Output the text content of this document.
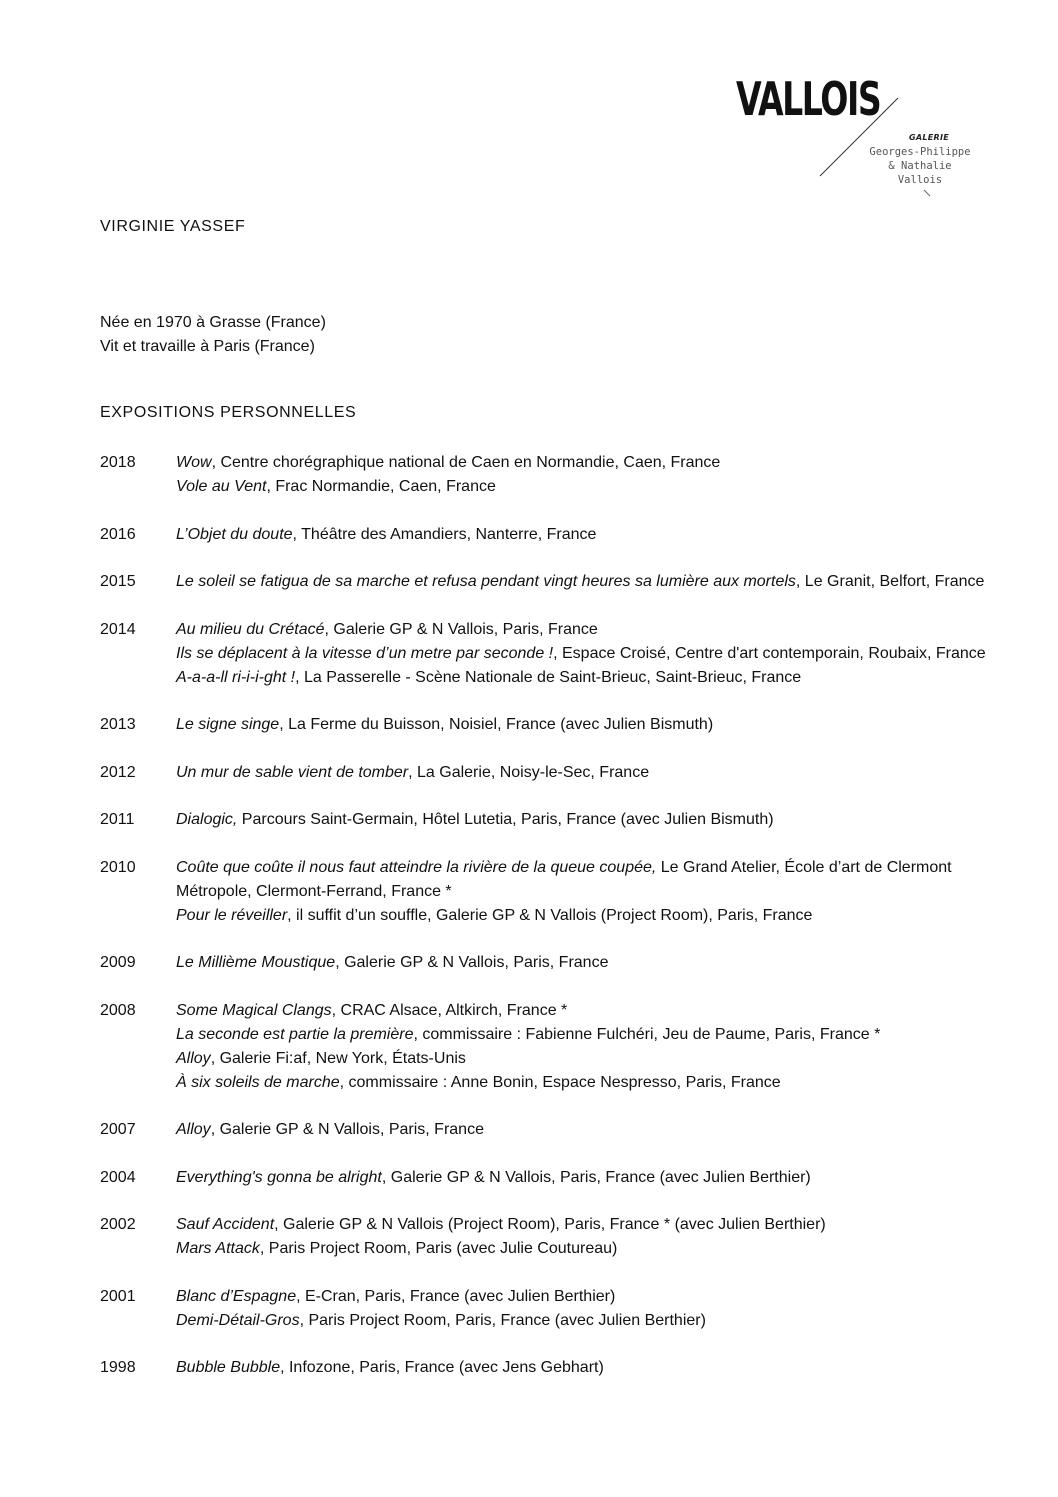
VALLOIS
GALERIE
Georges-Philippe
& Nathalie
Vallois
VIRGINIE YASSEF
Née en 1970 à Grasse (France)
Vit et travaille à Paris (France)
EXPOSITIONS PERSONNELLES
2018	Wow, Centre chorégraphique national de Caen en Normandie, Caen, France
Vole au Vent, Frac Normandie, Caen, France
2016	L’Objet du doute, Théâtre des Amandiers, Nanterre, France
2015	Le soleil se fatigua de sa marche et refusa pendant vingt heures sa lumière aux mortels, Le Granit, Belfort, France
2014	Au milieu du Crétacé, Galerie GP & N Vallois, Paris, France
Ils se déplacent à la vitesse d’un metre par seconde !, Espace Croisé, Centre d'art contemporain, Roubaix, France
A-a-a-ll ri-i-i-ght !, La Passerelle - Scène Nationale de Saint-Brieuc, Saint-Brieuc, France
2013	Le signe singe, La Ferme du Buisson, Noisiel, France (avec Julien Bismuth)
2012	Un mur de sable vient de tomber, La Galerie, Noisy-le-Sec, France
2011	Dialogic, Parcours Saint-Germain, Hôtel Lutetia, Paris, France (avec Julien Bismuth)
2010	Coûte que coûte il nous faut atteindre la rivière de la queue coupée, Le Grand Atelier, École d’art de Clermont Métropole, Clermont-Ferrand, France *
Pour le réveiller, il suffit d’un souffle, Galerie GP & N Vallois (Project Room), Paris, France
2009	Le Millième Moustique, Galerie GP & N Vallois, Paris, France
2008	Some Magical Clangs, CRAC Alsace, Altkirch, France *
La seconde est partie la première, commissaire : Fabienne Fulchéri, Jeu de Paume, Paris, France *
Alloy, Galerie Fi:af, New York, États-Unis
À six soleils de marche, commissaire : Anne Bonin, Espace Nespresso, Paris, France
2007	Alloy, Galerie GP & N Vallois, Paris, France
2004	Everything's gonna be alright, Galerie GP & N Vallois, Paris, France (avec Julien Berthier)
2002	Sauf Accident, Galerie GP & N Vallois (Project Room), Paris, France * (avec Julien Berthier)
Mars Attack, Paris Project Room, Paris (avec Julie Coutureau)
2001	Blanc d’Espagne, E-Cran, Paris, France (avec Julien Berthier)
Demi-Détail-Gros, Paris Project Room, Paris, France (avec Julien Berthier)
1998	Bubble Bubble, Infozone, Paris, France (avec Jens Gebhart)
